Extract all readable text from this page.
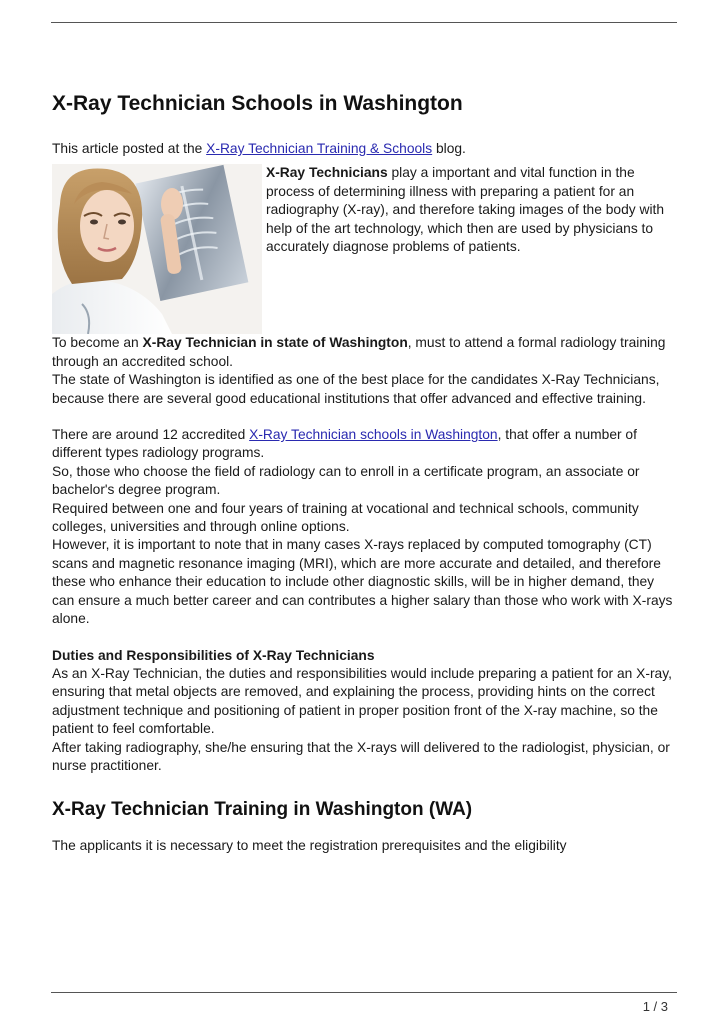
X-Ray Technician Schools in Washington

This article posted at the X-Ray Technician Training & Schools blog.

X-Ray Technicians play a important and vital function in the process of determining illness with preparing a patient for an radiography (X-ray), and therefore taking images of the body with help of the art technology, which then are used by physicians to accurately diagnose problems of patients.

To become an X-Ray Technician in state of Washington, must to attend a formal radiology training through an accredited school.

The state of Washington is identified as one of the best place for the candidates X-Ray Technicians, because there are several good educational institutions that offer advanced and effective training.

There are around 12 accredited X-Ray Technician schools in Washington, that offer a number of different types radiology programs.

So, those who choose the field of radiology can to enroll in a certificate program, an associate or bachelor's degree program.

Required between one and four years of training at vocational and technical schools, community colleges, universities and through online options.

However, it is important to note that in many cases X-rays replaced by computed tomography (CT) scans and magnetic resonance imaging (MRI), which are more accurate and detailed, and therefore these who enhance their education to include other diagnostic skills, will be in higher demand, they can ensure a much better career and can contributes a higher salary than those who work with X-rays alone.

Duties and Responsibilities of X-Ray Technicians

As an X-Ray Technician, the duties and responsibilities would include preparing a patient for an X-ray, ensuring that metal objects are removed, and explaining the process, providing hints on the correct adjustment technique and positioning of patient in proper position front of the X-ray machine, so the patient to feel comfortable.

After taking radiography, she/he ensuring that the X-rays will delivered to the radiologist, physician, or nurse practitioner.

X-Ray Technician Training in Washington (WA)

The applicants it is necessary to meet the registration prerequisites and the eligibility

1 / 3
